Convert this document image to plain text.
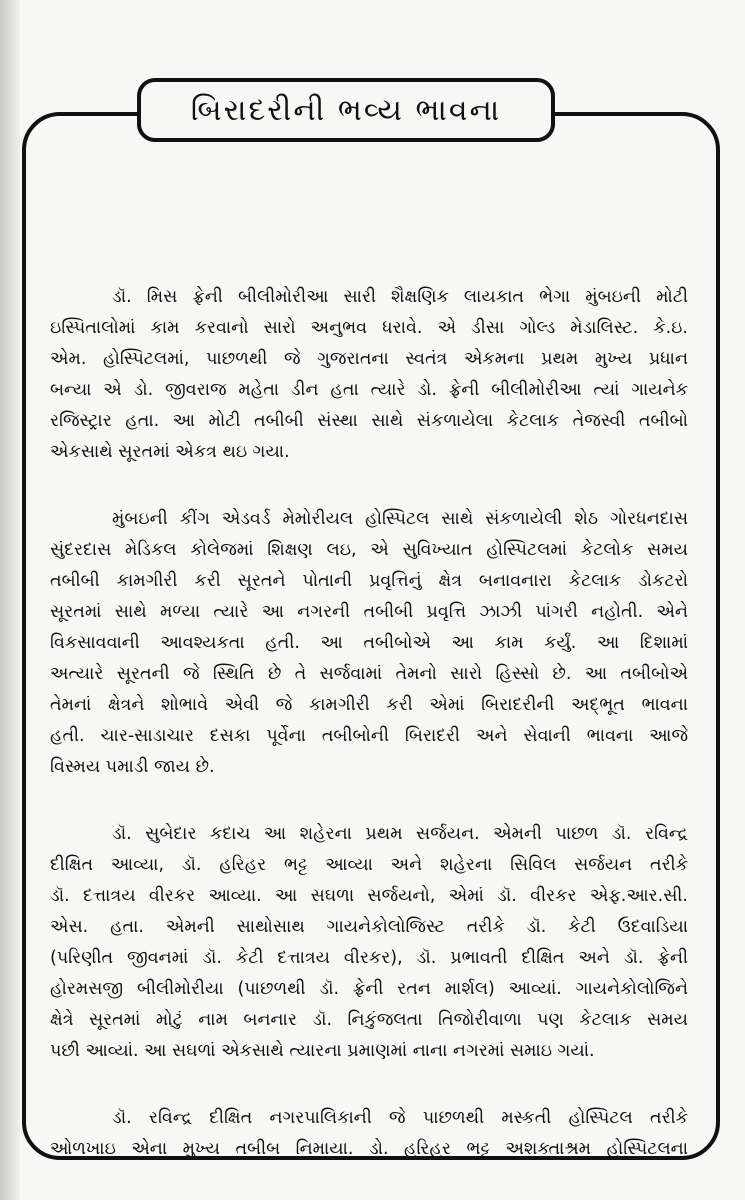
બિરાદરીની ભવ્ય ભાવના
ડૉ. મિસ ફ્રેની બીલીમોરીઆ સારી શૈક્ષણિક લાયકાત ભેગા મુંબઇની મોટી
ઇસ્પિતાલોમાં કામ કરવાનો સારો અનુભવ ધરાવે. એ ડીસા ગોલ્ડ મેડાલિસ્ટ. કે.ઇ.
એમ. હોસ્પિટલમાં, પાછળથી જે ગુજરાતના સ્વતંત્ર એકમના પ્રથમ મુખ્ય પ્રધાન
બન્યા એ ડો. જીવરાજ મહેતા ડીન હતા ત્યારે ડો. ફ્રેની બીલીમોરીઆ ત્યાં ગાયનેક
રજિસ્ટ્રાર હતા. આ મોટી તબીબી સંસ્થા સાથે સંકળાયેલા કેટલાક તેજસ્વી તબીબો
એકસાથે સૂરતમાં એકત્ર થઇ ગયા.
મુંબઇની કીંગ એડવર્ડ મેમોરીયલ હોસ્પિટલ સાથે સંકળાયેલી શેઠ ગોરધનદાસ
સુંદરદાસ મેડિકલ કોલેજમાં શિક્ષણ લઇ, એ સુવિખ્યાત હોસ્પિટલમાં કેટલોક સમય
તબીબી કામગીરી કરી સૂરતને પોતાની પ્રવૃત્તિનું ક્ષેત્ર બનાવનારા કેટલાક ડોકટરો
સૂરતમાં સાથે મળ્યા ત્યારે આ નગરની તબીબી પ્રવૃત્તિ ઝાઝી પાંગરી નહોતી. એને
વિકસાવવાની આવશ્યકતા હતી. આ તબીબોએ આ કામ કર્યું. આ દિશામાં
અત્યારે સૂરતની જે સ્થિતિ છે તે સર્જવામાં તેમનો સારો હિસ્સો છે. આ તબીબોએ
તેમનાં ક્ષેત્રને શોભાવે એવી જે કામગીરી કરી એમાં બિરાદરીની અદ્ભૂત ભાવના
હતી. ચાર-સાડાચાર દસકા પૂર્વેના તબીબોની બિરાદરી અને સેવાની ભાવના આજે
વિસ્મય પમાડી જાય છે.
ડૉ. સુબેદાર કદાચ આ શહેરના પ્રથમ સર્જયન. એમની પાછળ ડૉ. રવિન્દ્ર
દીક્ષિત આવ્યા, ડૉ. હરિહર ભટ્ટ આવ્યા અને શહેરના સિવિલ સર્જયન તરીકે
ડૉ. દત્તાત્રય વીરકર આવ્યા. આ સઘળા સર્જયનો, એમાં ડૉ. વીરકર એફ.આર.સી.
એસ. હતા. એમની સાથોસાથ ગાયનેકોલોજિસ્ટ તરીકે ડૉ. કેટી ઉદવાડિયા
(પરિણીત જીવનમાં ડૉ. કેટી દત્તાત્રય વીરકર), ડૉ. પ્રભાવતી દીક્ષિત અને ડૉ. ફ્રેની
હોરમસજી બીલીમોરીયા (પાછળથી ડૉ. ફ્રેની રતન માર્શલ) આવ્યાં. ગાયનેકોલોજિને
ક્ષેત્રે સૂરતમાં મોટું નામ બનનાર ડૉ. નિકુંજલતા તિજોરીવાળા પણ કેટલાક સમય
પછી આવ્યાં. આ સઘળાં એકસાથે ત્યારના પ્રમાણમાં નાના નગરમાં સમાઇ ગયાં.
ડૉ. રવિન્દ્ર દીક્ષિત નગરપાલિકાની જે પાછળથી મસ્કતી હોસ્પિટલ તરીકે
ઓળખાઇ એના મુખ્ય તબીબ નિમાયા. ડો. હરિહર ભટ્ટ અશક્તાશ્રમ હોસ્પિટલના
